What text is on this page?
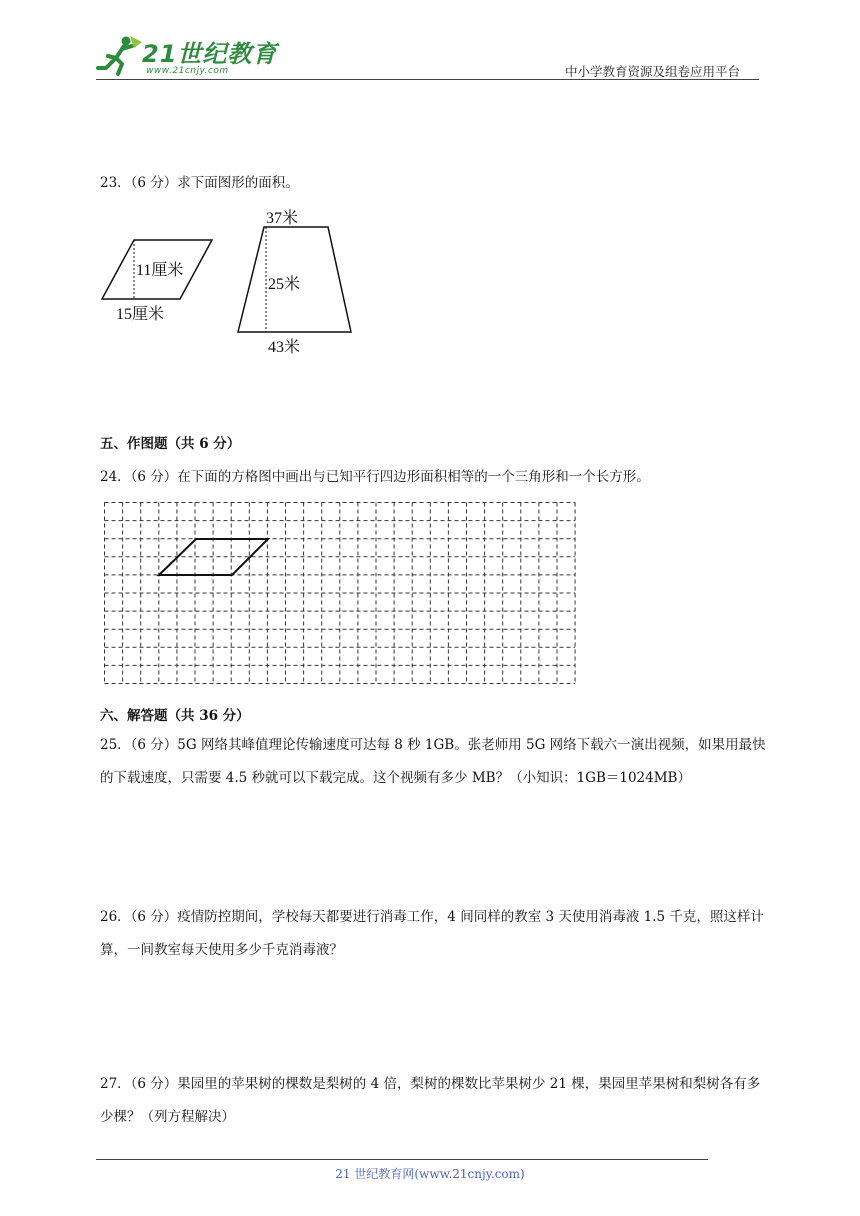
21世纪教育
www.21cnjy.com	中小学教育资源及组卷应用平台
23．（6 分）求下面图形的面积。
11厘米
15厘米
37米
25米
43米
五、作图题（共 6 分）
24．（6 分）在下面的方格图中画出与已知平行四边形面积相等的一个三角形和一个长方形。
六、解答题（共 36 分）
25．（6 分）5G 网络其峰值理论传输速度可达每 8 秒 1GB。张老师用 5G 网络下载六一演出视频，如果用最快的下载速度，只需要 4.5 秒就可以下载完成。这个视频有多少 MB？（小知识：1GB＝1024MB）
26．（6 分）疫情防控期间，学校每天都要进行消毒工作，4 间同样的教室 3 天使用消毒液 1.5 千克，照这样计算，一间教室每天使用多少千克消毒液？
27．（6 分）果园里的苹果树的棵数是梨树的 4 倍，梨树的棵数比苹果树少 21 棵，果园里苹果树和梨树各有多少棵？（列方程解决）
21 世纪教育网(www.21cnjy.com)
